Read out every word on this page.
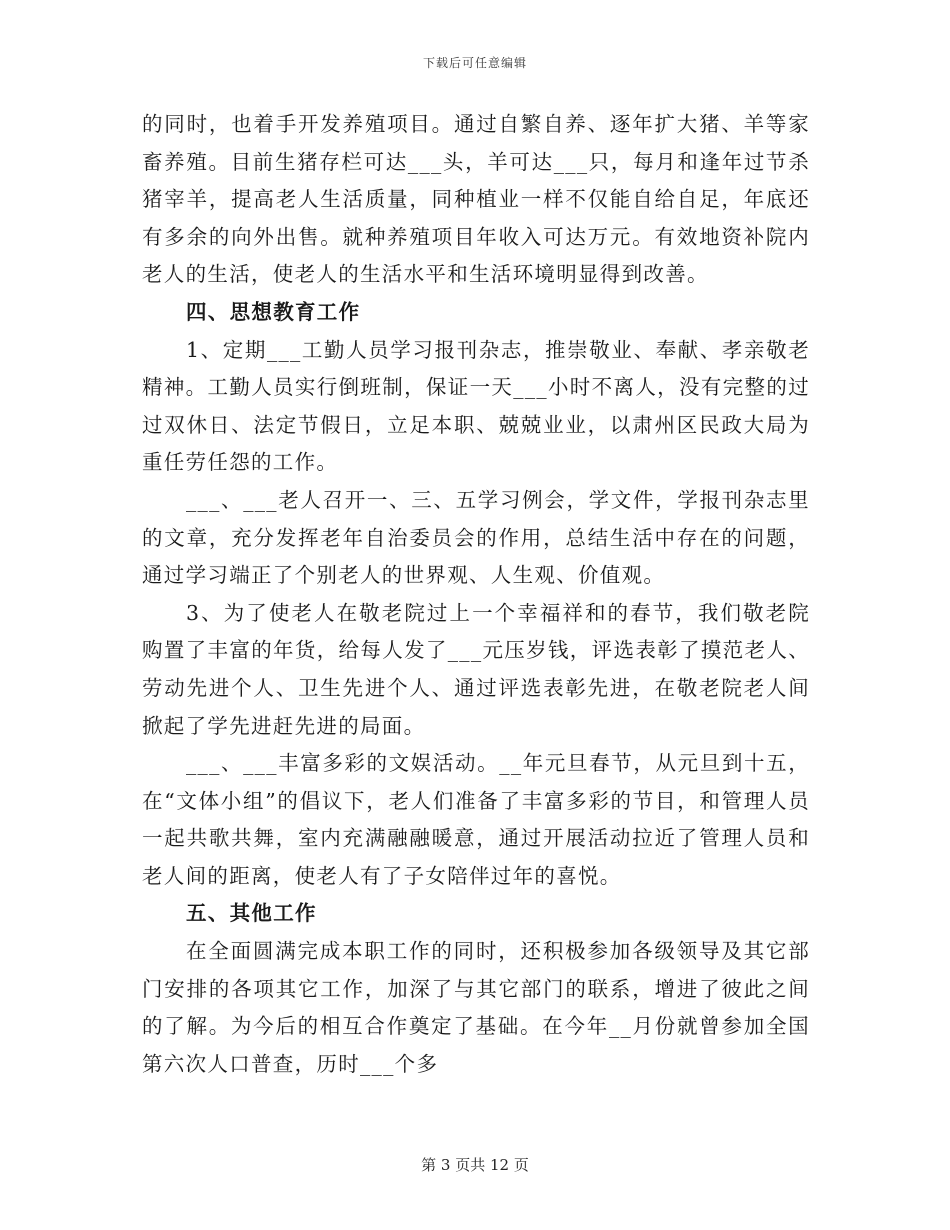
下载后可任意编辑

的同时，也着手开发养殖项目。通过自繁自养、逐年扩大猪、羊等家畜养殖。目前生猪存栏可达___头，羊可达___只，每月和逢年过节杀猪宰羊，提高老人生活质量，同种植业一样不仅能自给自足，年底还有多余的向外出售。就种养殖项目年收入可达万元。有效地资补院内老人的生活，使老人的生活水平和生活环境明显得到改善。

四、思想教育工作

1、定期___工勤人员学习报刊杂志，推崇敬业、奉献、孝亲敬老精神。工勤人员实行倒班制，保证一天___小时不离人，没有完整的过过双休日、法定节假日，立足本职、兢兢业业，以肃州区民政大局为重任劳任怨的工作。

___、___老人召开一、三、五学习例会，学文件，学报刊杂志里的文章，充分发挥老年自治委员会的作用，总结生活中存在的问题，通过学习端正了个别老人的世界观、人生观、价值观。

3、为了使老人在敬老院过上一个幸福祥和的春节，我们敬老院购置了丰富的年货，给每人发了___元压岁钱，评选表彰了摸范老人、劳动先进个人、卫生先进个人、通过评选表彰先进，在敬老院老人间掀起了学先进赶先进的局面。

___、___丰富多彩的文娱活动。__年元旦春节，从元旦到十五，在“文体小组”的倡议下，老人们准备了丰富多彩的节目，和管理人员一起共歌共舞，室内充满融融暖意，通过开展活动拉近了管理人员和老人间的距离，使老人有了子女陪伴过年的喜悦。

五、其他工作

在全面圆满完成本职工作的同时，还积极参加各级领导及其它部门安排的各项其它工作，加深了与其它部门的联系，增进了彼此之间的了解。为今后的相互合作奠定了基础。在今年__月份就曾参加全国第六次人口普查，历时___个多

第 3 页共 12 页
